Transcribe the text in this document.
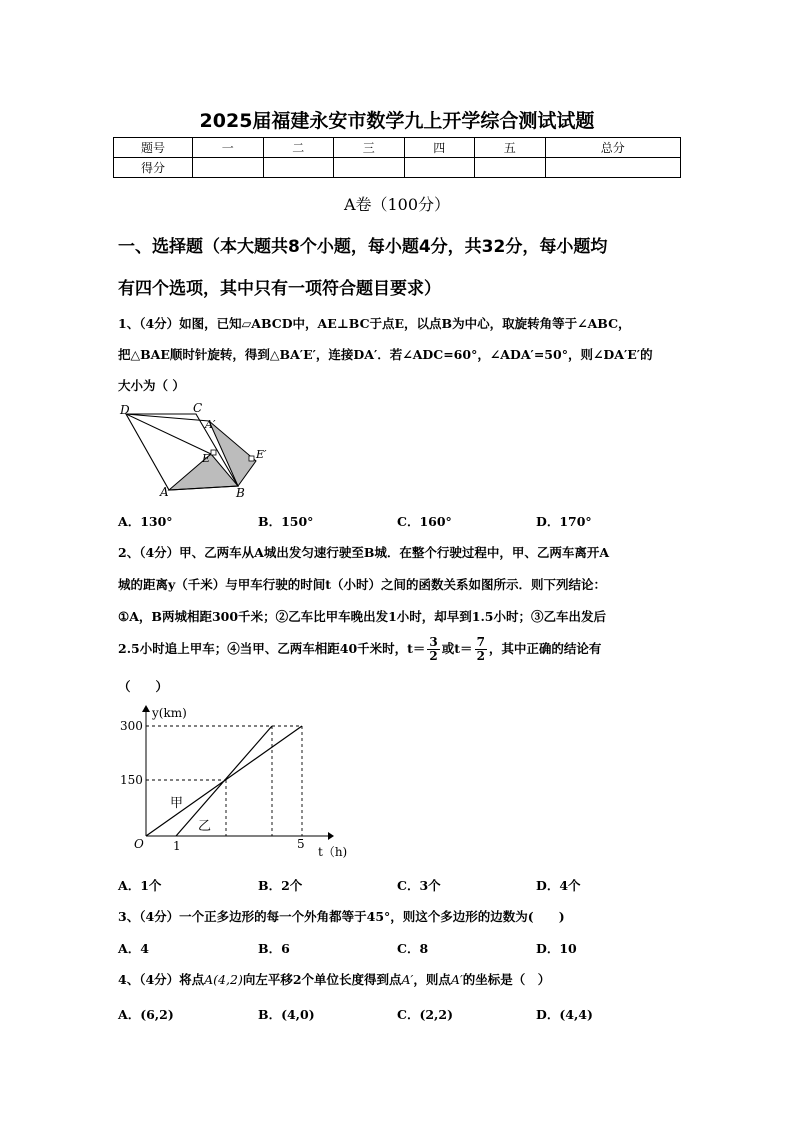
2025届福建永安市数学九上开学综合测试试题
题号	一	二	三	四	五	总分
得分						
A卷（100分）
一、选择题（本大题共8个小题，每小题4分，共32分，每小题均
有四个选项，其中只有一项符合题目要求）
1、（4分）如图，已知▱ABCD中，AE⊥BC于点E，以点B为中心，取旋转角等于∠ABC，
把△BAE顺时针旋转，得到△BA′E′，连接DA′．若∠ADC=60°，∠ADA′=50°，则∠DA′E′的
大小为（ ）
D	C
A′
E	E′
A	B
A．130°	B．150°	C．160°	D．170°
2、（4分）甲、乙两车从A城出发匀速行驶至B城．在整个行驶过程中，甲、乙两车离开A
城的距离y（千米）与甲车行驶的时间t（小时）之间的函数关系如图所示．则下列结论：
①A，B两城相距300千米；②乙车比甲车晚出发1小时，却早到1.5小时；③乙车出发后
2.5小时追上甲车；④当甲、乙两车相距40千米时，$t= \frac{3}{2}$ 或$t= \frac{7}{2}$ ，其中正确的结论有
（　　）
y(km)
300
150
O 1	5
t（h)
甲
乙
A．1个	B．2个	C．3个	D．4个
3、（4分）一个正多边形的每一个外角都等于45°，则这个多边形的边数为(　　)
A．4	B．6	C．8	D．10
4、（4分）将点A(4,2)向左平移2个单位长度得到点A′，则点A′的坐标是（　）
A．(6,2)	B．(4,0)	C．(2,2)	D．(4,4)
